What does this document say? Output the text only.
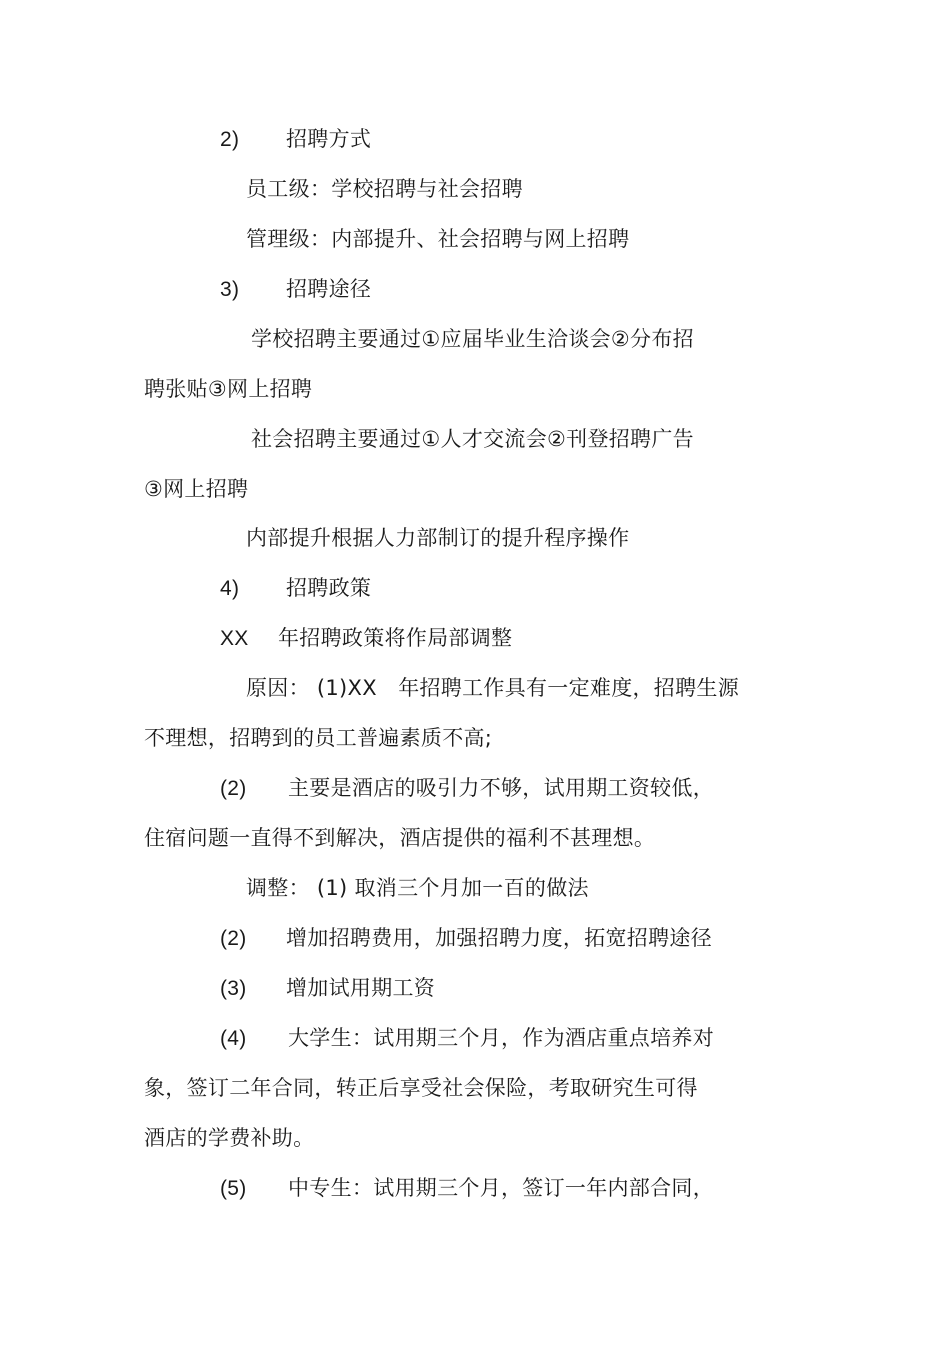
2) 招聘方式
员工级：学校招聘与社会招聘
管理级：内部提升、社会招聘与网上招聘
3) 招聘途径
学校招聘主要通过①应届毕业生洽谈会②分布招
聘张贴③网上招聘
社会招聘主要通过①人才交流会②刊登招聘广告
③网上招聘
内部提升根据人力部制订的提升程序操作
4) 招聘政策
XX 年招聘政策将作局部调整
原因： (1)XX　年招聘工作具有一定难度，招聘生源
不理想，招聘到的员工普遍素质不高;
(2) 主要是酒店的吸引力不够，试用期工资较低，
住宿问题一直得不到解决，酒店提供的福利不甚理想。
调整： (1) 取消三个月加一百的做法
(2) 增加招聘费用，加强招聘力度，拓宽招聘途径
(3) 增加试用期工资
(4) 大学生：试用期三个月，作为酒店重点培养对
象，签订二年合同，转正后享受社会保险，考取研究生可得
酒店的学费补助。
(5) 中专生：试用期三个月，签订一年内部合同，
